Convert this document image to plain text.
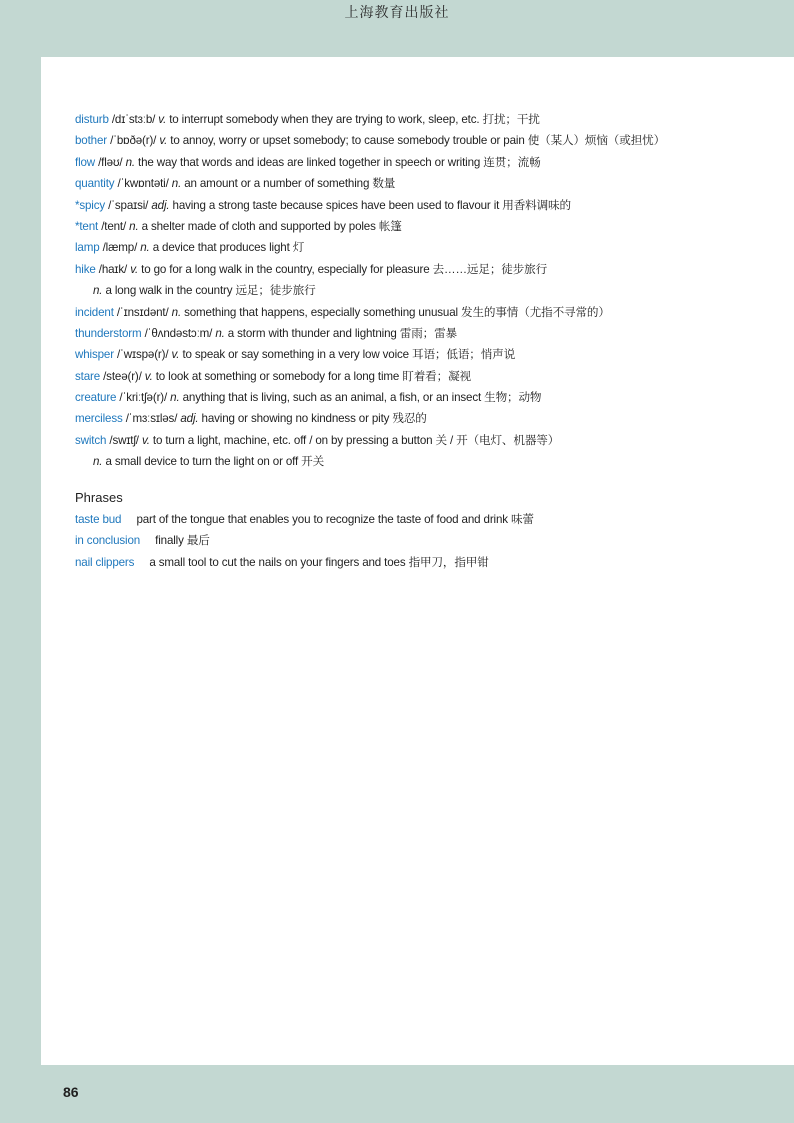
上海教育出版社
disturb /dɪˈstɜːb/ v. to interrupt somebody when they are trying to work, sleep, etc. 打扰；干扰
bother /ˈbɒðə(r)/ v. to annoy, worry or upset somebody; to cause somebody trouble or pain 使（某人）烦恼（或担忧）
flow /fləʊ/ n. the way that words and ideas are linked together in speech or writing 连贯；流畅
quantity /ˈkwɒntəti/ n. an amount or a number of something 数量
*spicy /ˈspaɪsi/ adj. having a strong taste because spices have been used to flavour it 用香料调味的
*tent /tent/ n. a shelter made of cloth and supported by poles 帐篷
lamp /læmp/ n. a device that produces light 灯
hike /haɪk/ v. to go for a long walk in the country, especially for pleasure 去……远足；徒步旅行
n. a long walk in the country 远足；徒步旅行
incident /ˈɪnsɪdənt/ n. something that happens, especially something unusual 发生的事情（尤指不寻常的）
thunderstorm /ˈθʌndəstɔːm/ n. a storm with thunder and lightning 雷雨；雷暴
whisper /ˈwɪspə(r)/ v. to speak or say something in a very low voice 耳语；低语；悄声说
stare /steə(r)/ v. to look at something or somebody for a long time 盯着看；凝视
creature /ˈkriːtʃə(r)/ n. anything that is living, such as an animal, a fish, or an insect 生物；动物
merciless /ˈmɜːsɪləs/ adj. having or showing no kindness or pity 残忍的
switch /swɪtʃ/ v. to turn a light, machine, etc. off / on by pressing a button 关 / 开（电灯、机器等）
n. a small device to turn the light on or off 开关
Phrases
taste bud part of the tongue that enables you to recognize the taste of food and drink 味蕾
in conclusion finally 最后
nail clippers a small tool to cut the nails on your fingers and toes 指甲刀，指甲钳
86
